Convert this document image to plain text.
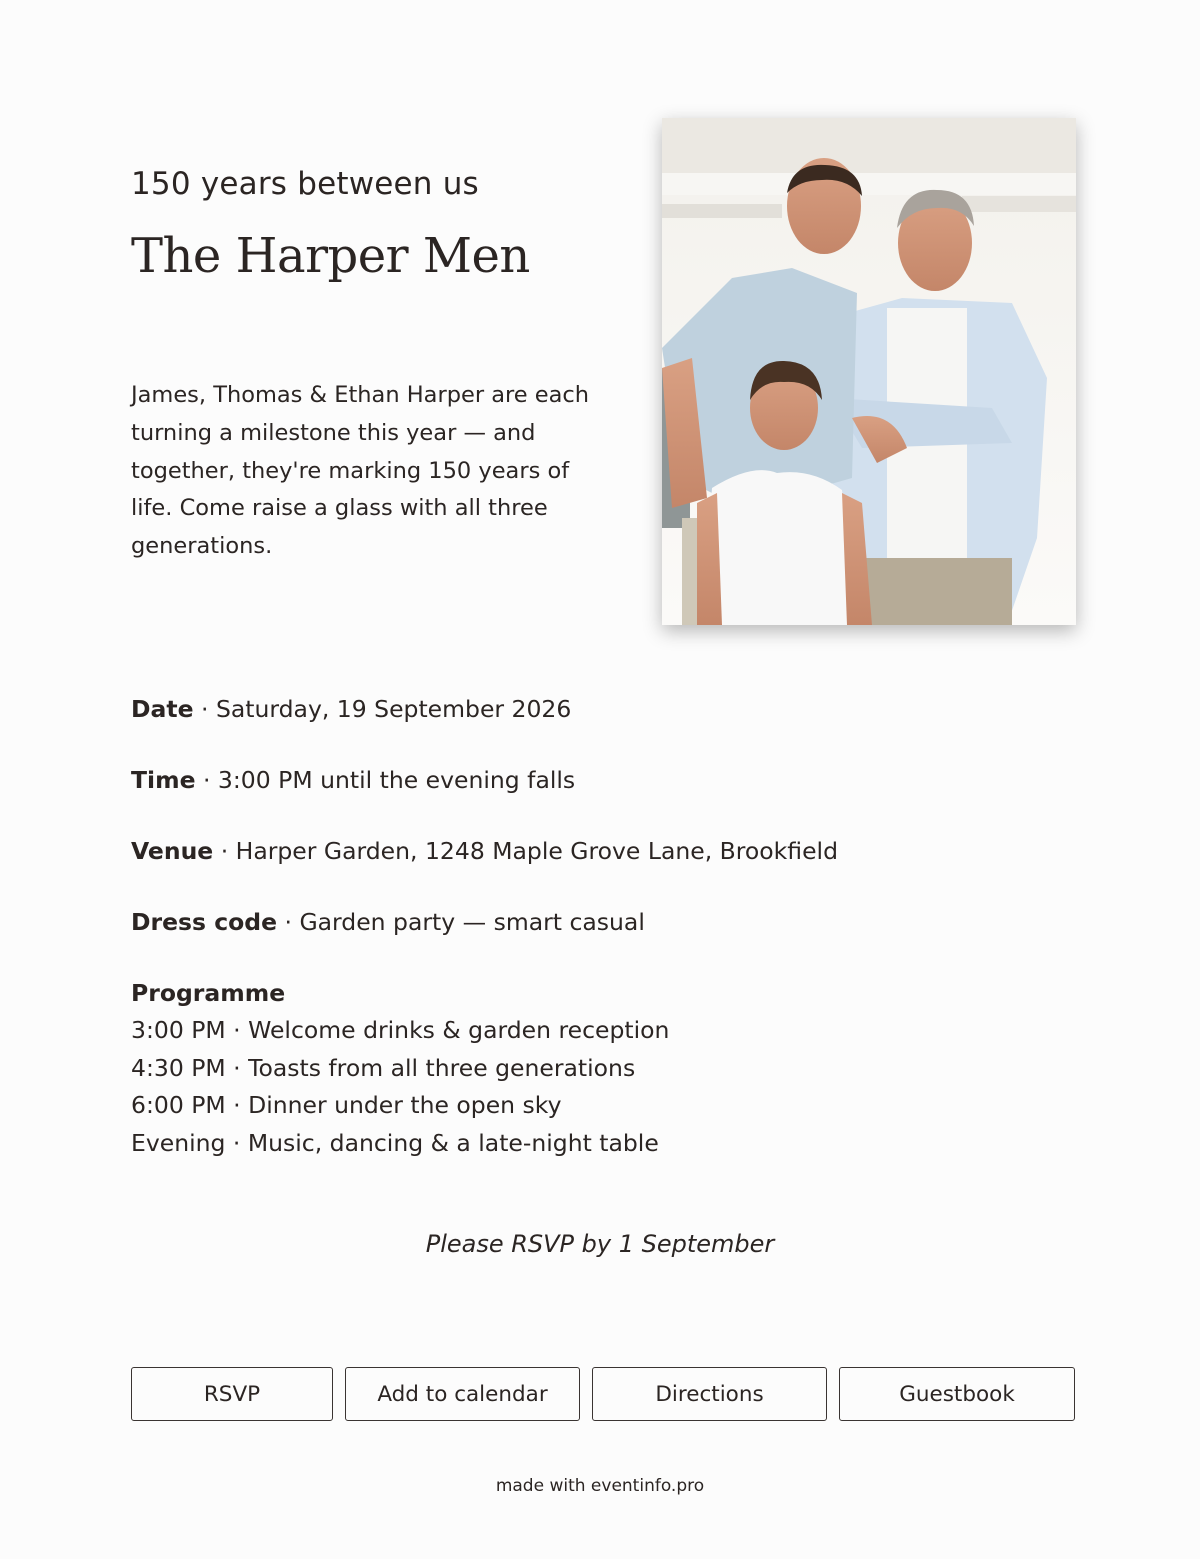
150 years between us
The Harper Men

James, Thomas & Ethan Harper are each turning a milestone this year — and together, they're marking 150 years of life. Come raise a glass with all three generations.

Date · Saturday, 19 September 2026
Time · 3:00 PM until the evening falls
Venue · Harper Garden, 1248 Maple Grove Lane, Brookfield
Dress code · Garden party — smart casual
Programme
3:00 PM · Welcome drinks & garden reception
4:30 PM · Toasts from all three generations
6:00 PM · Dinner under the open sky
Evening · Music, dancing & a late-night table

Please RSVP by 1 September

RSVP	Add to calendar	Directions	Guestbook

made with eventinfo.pro
